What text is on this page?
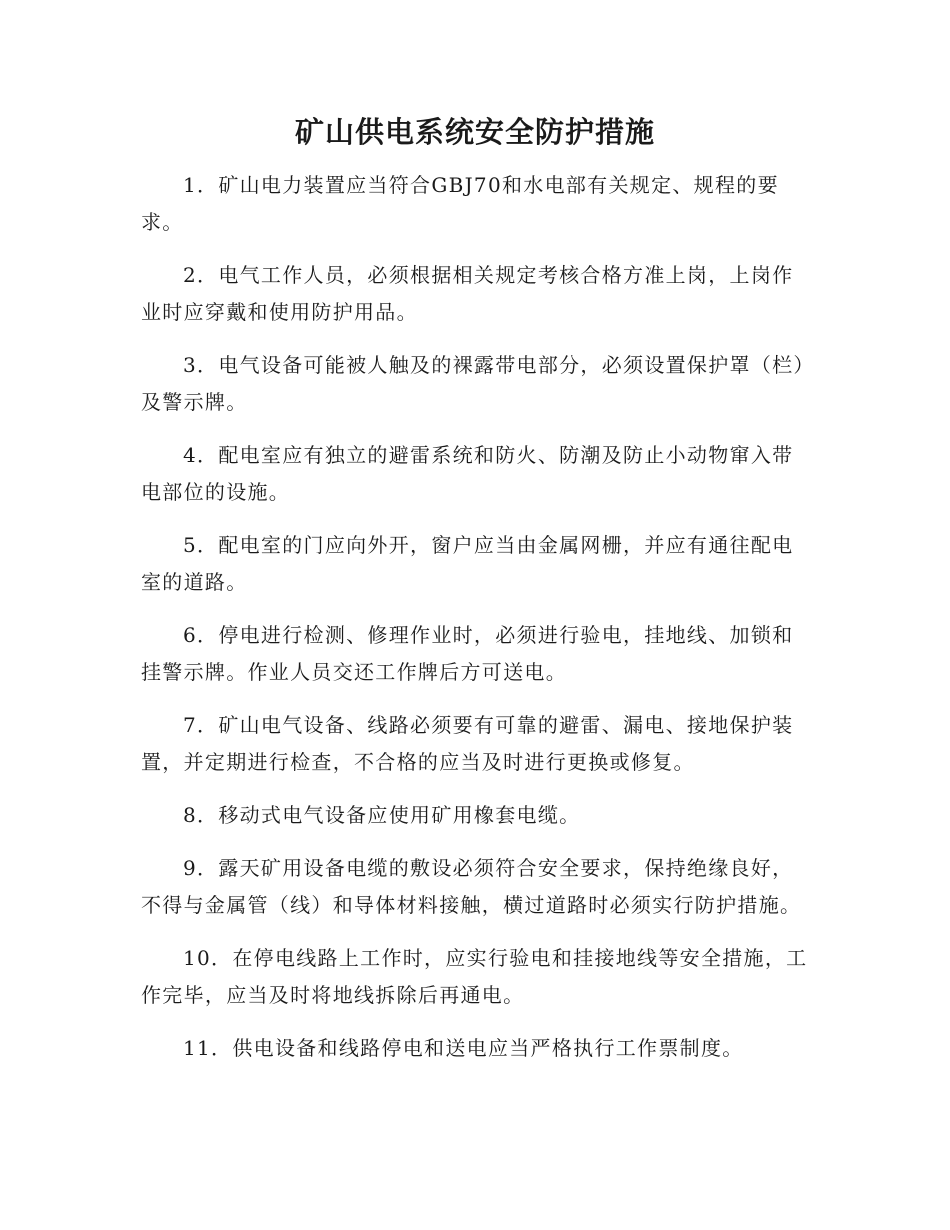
矿山供电系统安全防护措施

1．矿山电力装置应当符合GBJ70和水电部有关规定、规程的要求。

2．电气工作人员，必须根据相关规定考核合格方准上岗，上岗作业时应穿戴和使用防护用品。

3．电气设备可能被人触及的裸露带电部分，必须设置保护罩（栏）及警示牌。

4．配电室应有独立的避雷系统和防火、防潮及防止小动物窜入带电部位的设施。

5．配电室的门应向外开，窗户应当由金属网栅，并应有通往配电室的道路。

6．停电进行检测、修理作业时，必须进行验电，挂地线、加锁和挂警示牌。作业人员交还工作牌后方可送电。

7．矿山电气设备、线路必须要有可靠的避雷、漏电、接地保护装置，并定期进行检查，不合格的应当及时进行更换或修复。

8．移动式电气设备应使用矿用橡套电缆。

9．露天矿用设备电缆的敷设必须符合安全要求，保持绝缘良好，不得与金属管（线）和导体材料接触，横过道路时必须实行防护措施。

10．在停电线路上工作时，应实行验电和挂接地线等安全措施，工作完毕，应当及时将地线拆除后再通电。

11．供电设备和线路停电和送电应当严格执行工作票制度。
